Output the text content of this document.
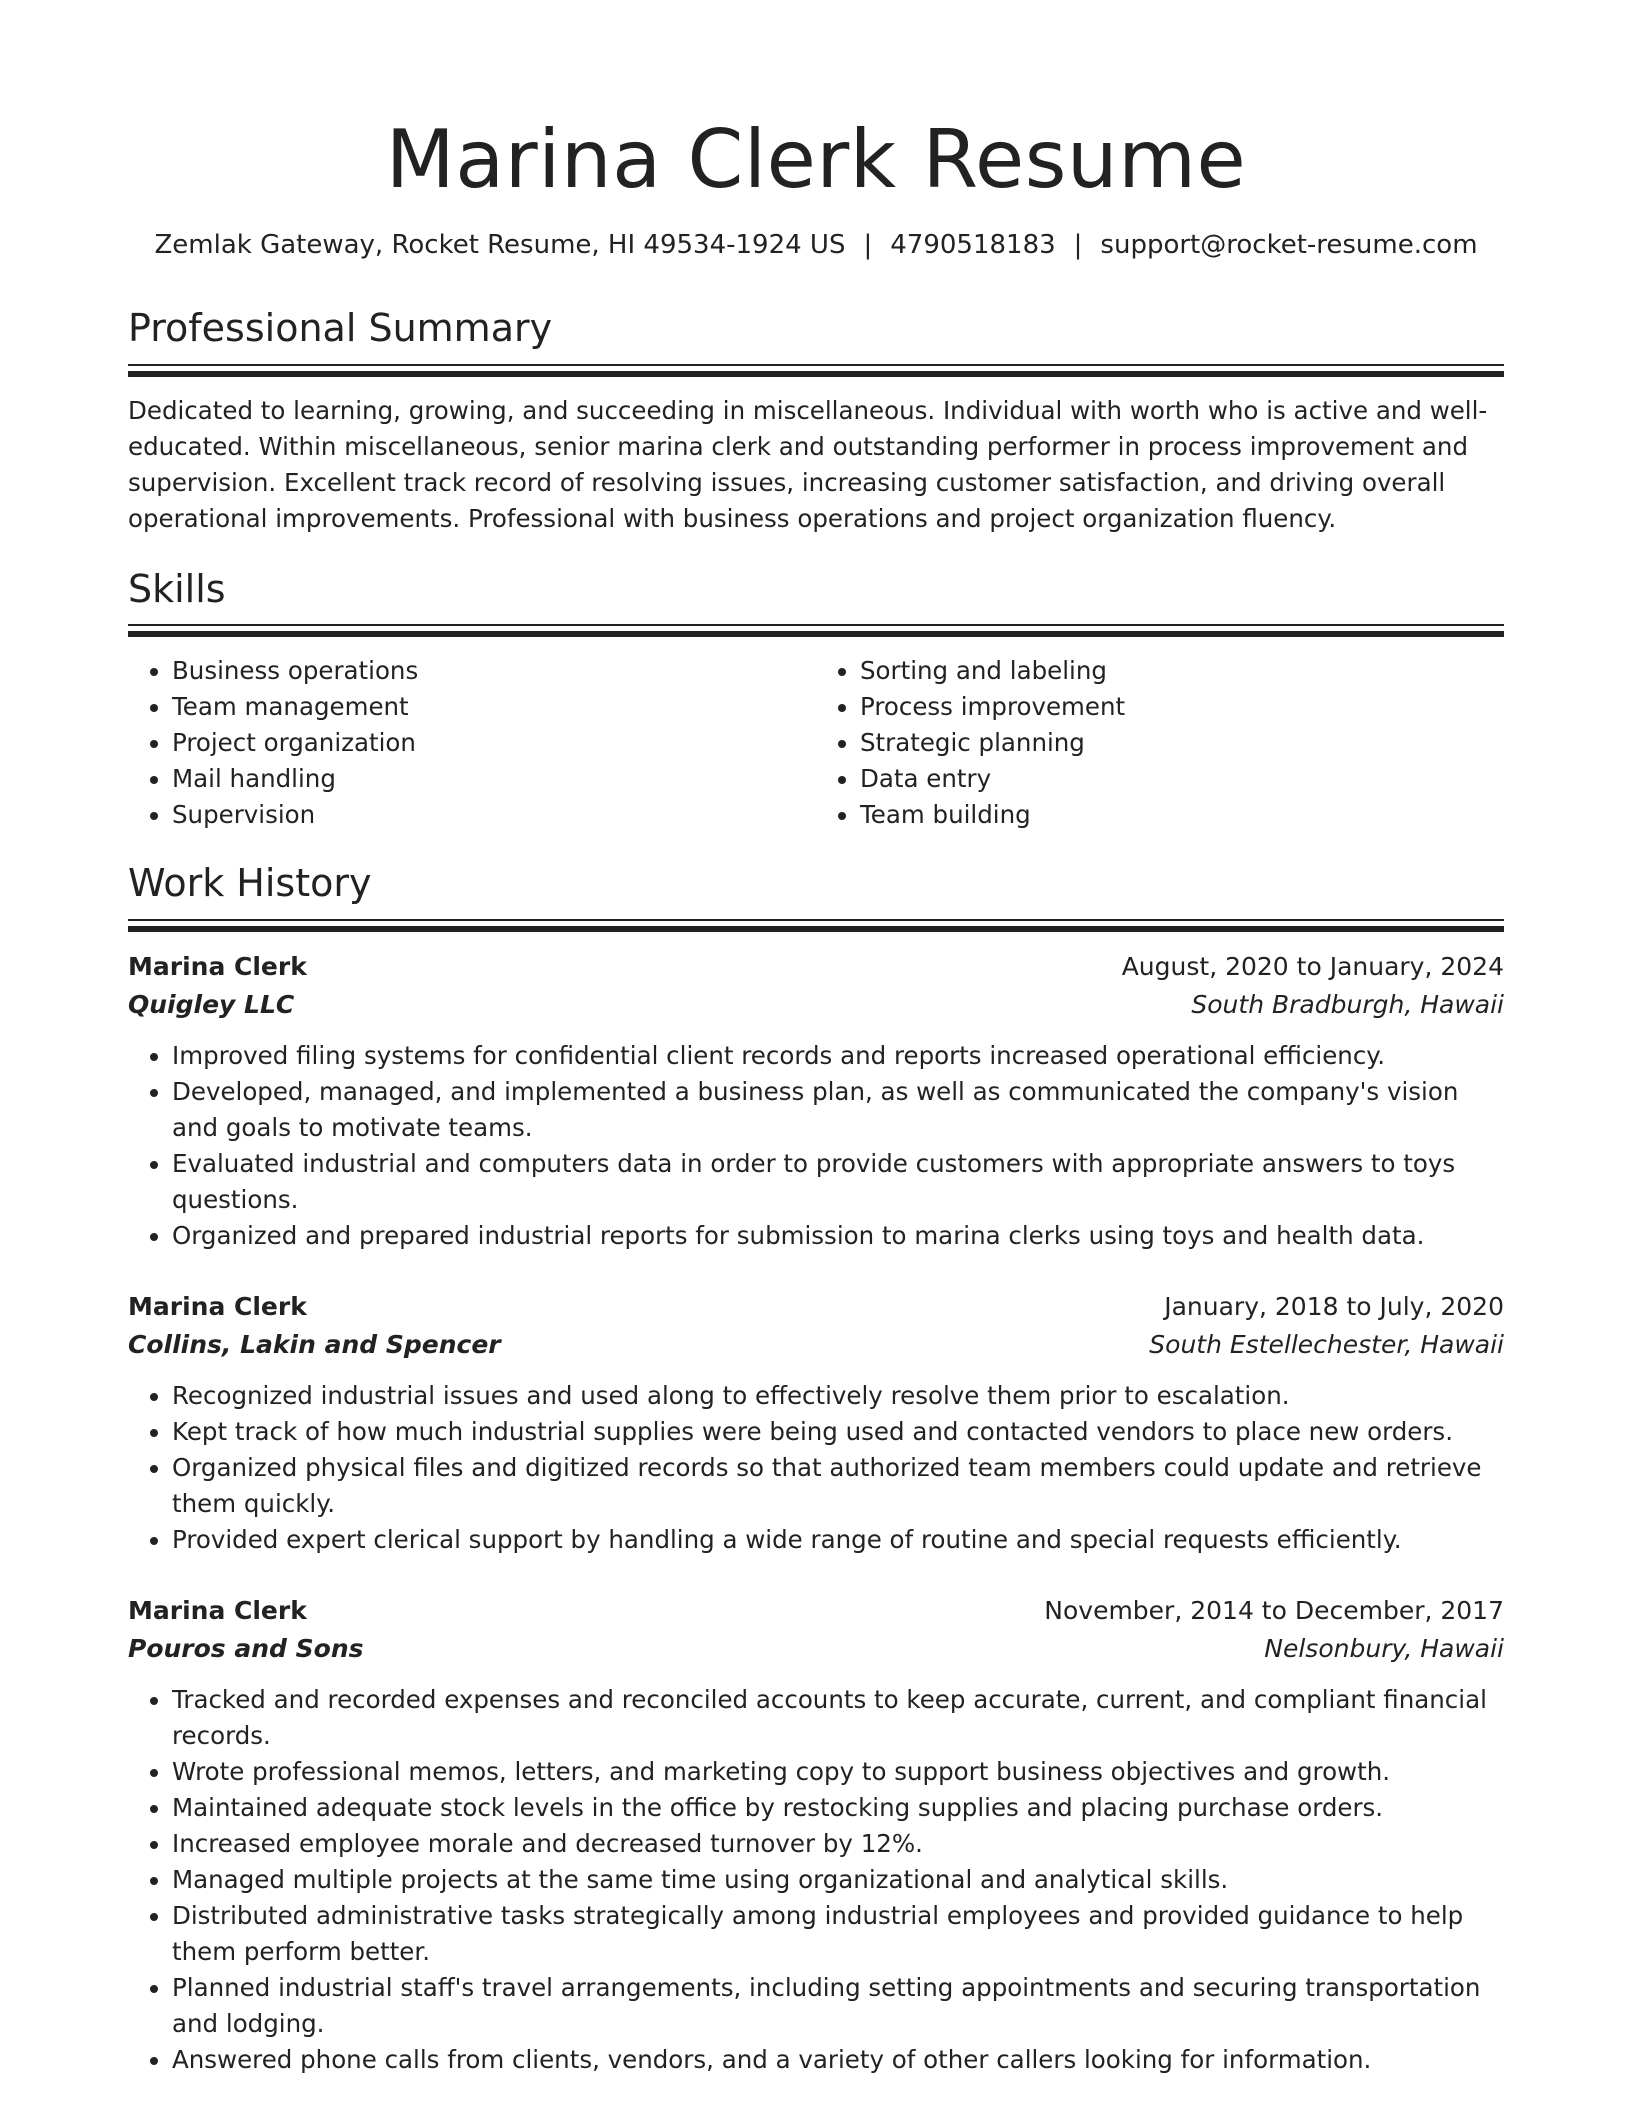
Marina Clerk Resume
Zemlak Gateway, Rocket Resume, HI 49534-1924 US | 4790518183 | support@rocket-resume.com
Professional Summary

Dedicated to learning, growing, and succeeding in miscellaneous. Individual with worth who is active and well-educated. Within miscellaneous, senior marina clerk and outstanding performer in process improvement and supervision. Excellent track record of resolving issues, increasing customer satisfaction, and driving overall operational improvements. Professional with business operations and project organization fluency.

Skills
• Business operations
• Team management
• Project organization
• Mail handling
• Supervision
• Sorting and labeling
• Process improvement
• Strategic planning
• Data entry
• Team building
Work History
Marina Clerk	August, 2020 to January, 2024
Quigley LLC	South Bradburgh, Hawaii
• Improved filing systems for confidential client records and reports increased operational efficiency.
• Developed, managed, and implemented a business plan, as well as communicated the company's vision and goals to motivate teams.
• Evaluated industrial and computers data in order to provide customers with appropriate answers to toys questions.
• Organized and prepared industrial reports for submission to marina clerks using toys and health data.
Marina Clerk	January, 2018 to July, 2020
Collins, Lakin and Spencer	South Estellechester, Hawaii
• Recognized industrial issues and used along to effectively resolve them prior to escalation.
• Kept track of how much industrial supplies were being used and contacted vendors to place new orders.
• Organized physical files and digitized records so that authorized team members could update and retrieve them quickly.
• Provided expert clerical support by handling a wide range of routine and special requests efficiently.
Marina Clerk	November, 2014 to December, 2017
Pouros and Sons	Nelsonbury, Hawaii
• Tracked and recorded expenses and reconciled accounts to keep accurate, current, and compliant financial records.
• Wrote professional memos, letters, and marketing copy to support business objectives and growth.
• Maintained adequate stock levels in the office by restocking supplies and placing purchase orders.
• Increased employee morale and decreased turnover by 12%.
• Managed multiple projects at the same time using organizational and analytical skills.
• Distributed administrative tasks strategically among industrial employees and provided guidance to help them perform better.
• Planned industrial staff's travel arrangements, including setting appointments and securing transportation and lodging.
• Answered phone calls from clients, vendors, and a variety of other callers looking for information.
